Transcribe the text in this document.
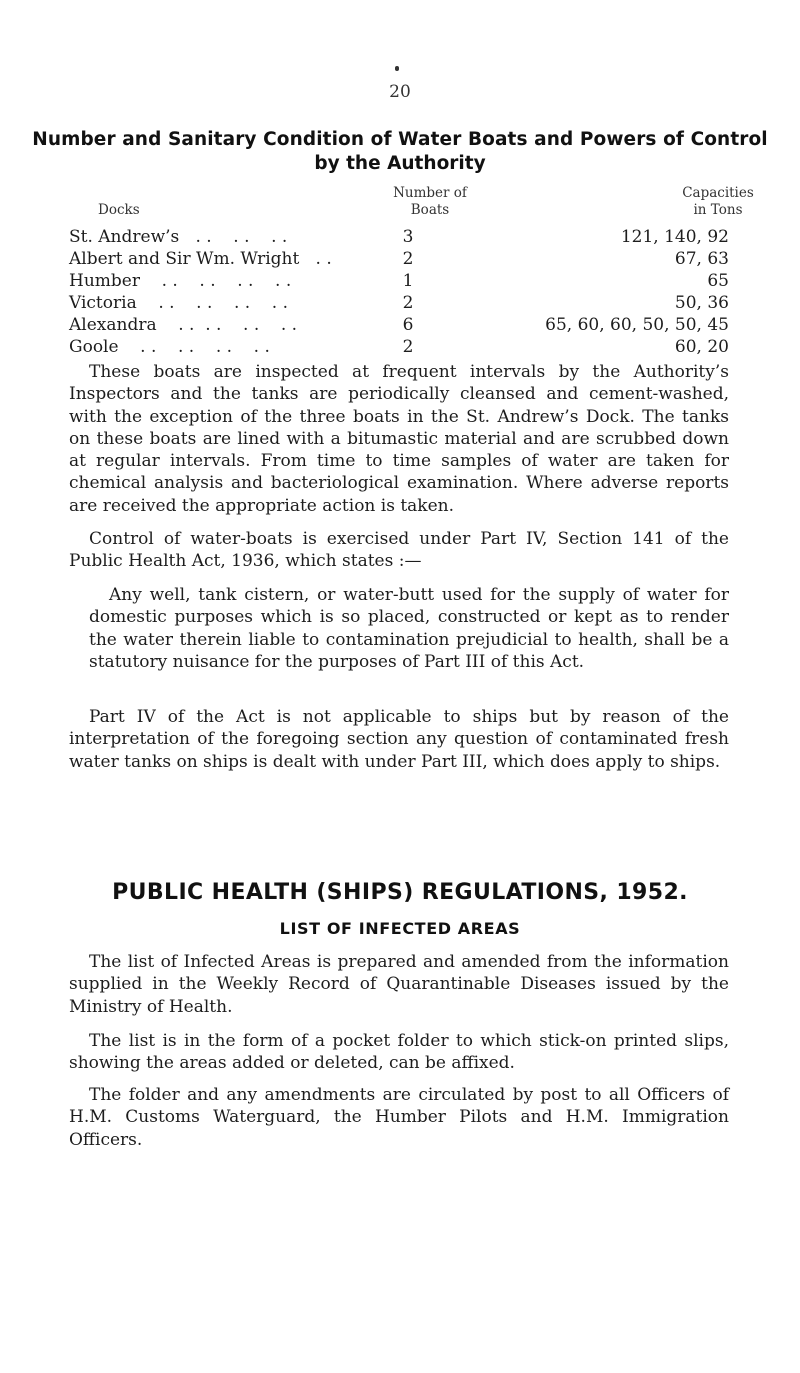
20
Number and Sanitary Condition of Water Boats and Powers of Control
by the Authority
Docks
Number of
Boats
Capacities
in Tons
St. Andrew’s   . .    . .    . .	3	121, 140, 92
Albert and Sir Wm. Wright   . .	2	67, 63
Humber    . .    . .    . .    . .	1	65
Victoria    . .    . .    . .    . .	2	50, 36
Alexandra    . .  . .    . .    . .	6	65, 60, 60, 50, 50, 45
Goole    . .    . .    . .    . .	2	60, 20

These boats are inspected at frequent intervals by the Authority’s Inspectors and the tanks are periodically cleansed and cement-washed, with the exception of the three boats in the St. Andrew’s Dock. The tanks on these boats are lined with a bitumastic material and are scrubbed down at regular intervals. From time to time samples of water are taken for chemical analysis and bacteriological examination. Where adverse reports are received the appropriate action is taken.

Control of water-boats is exercised under Part IV, Section 141 of the Public Health Act, 1936, which states :—

Any well, tank cistern, or water-butt used for the supply of water for domestic purposes which is so placed, constructed or kept as to render the water therein liable to contamination prejudicial to health, shall be a statutory nuisance for the purposes of Part III of this Act.

Part IV of the Act is not applicable to ships but by reason of the interpretation of the foregoing section any question of contaminated fresh water tanks on ships is dealt with under Part III, which does apply to ships.

PUBLIC HEALTH (SHIPS) REGULATIONS, 1952.
LIST OF INFECTED AREAS

The list of Infected Areas is prepared and amended from the information supplied in the Weekly Record of Quarantinable Diseases issued by the Ministry of Health.

The list is in the form of a pocket folder to which stick-on printed slips, showing the areas added or deleted, can be affixed.

The folder and any amendments are circulated by post to all Officers of H.M. Customs Waterguard, the Humber Pilots and H.M. Immigration Officers.
